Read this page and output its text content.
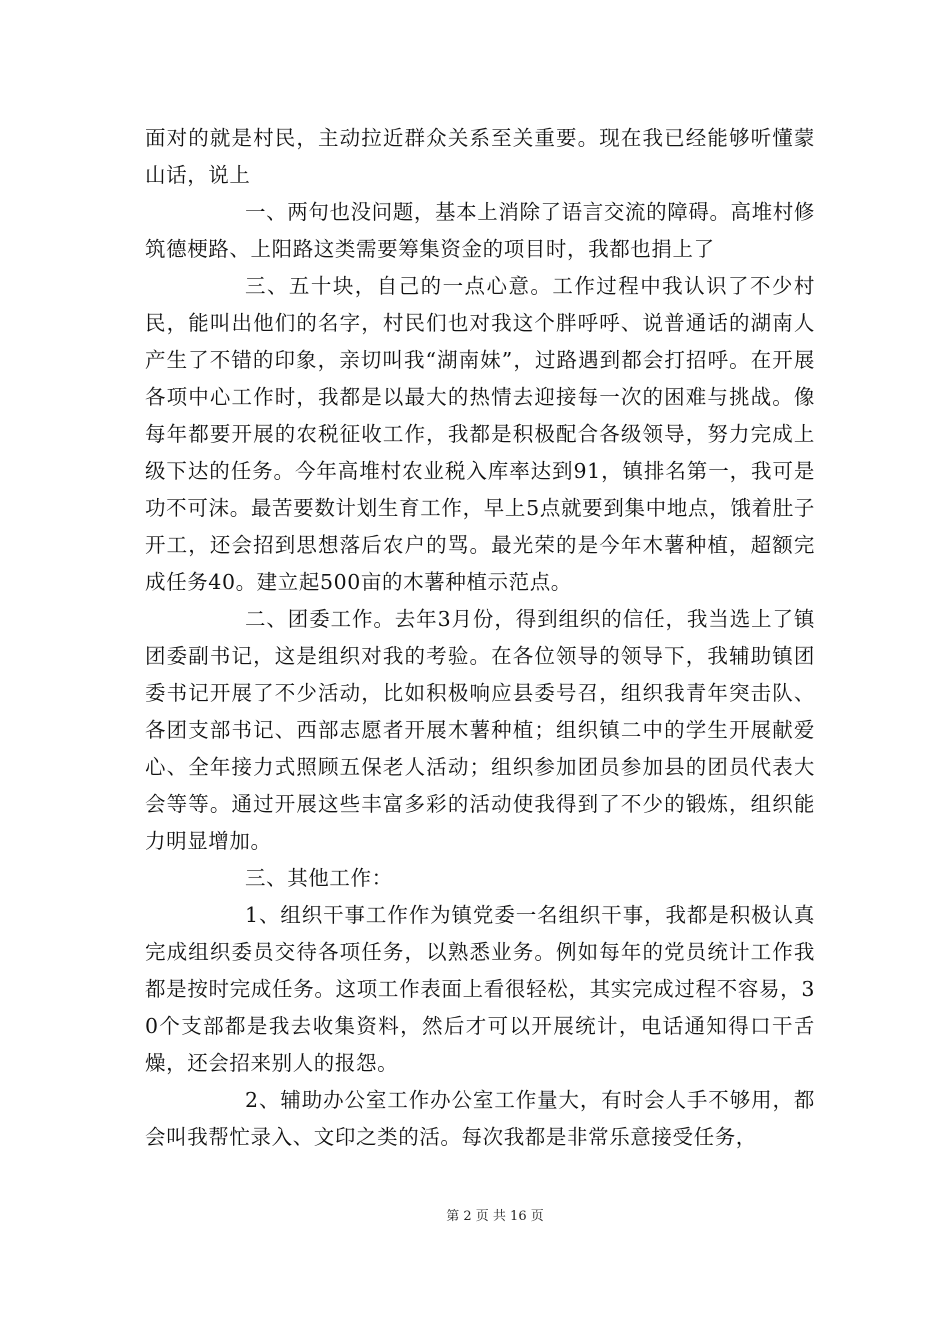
面对的就是村民，主动拉近群众关系至关重要。现在我已经能够听懂蒙山话，说上

一、两句也没问题，基本上消除了语言交流的障碍。高堆村修筑德梗路、上阳路这类需要筹集资金的项目时，我都也捐上了

三、五十块，自己的一点心意。工作过程中我认识了不少村民，能叫出他们的名字，村民们也对我这个胖呼呼、说普通话的湖南人产生了不错的印象，亲切叫我“湖南妹”，过路遇到都会打招呼。在开展各项中心工作时，我都是以最大的热情去迎接每一次的困难与挑战。像每年都要开展的农税征收工作，我都是积极配合各级领导，努力完成上级下达的任务。今年高堆村农业税入库率达到91，镇排名第一，我可是功不可沫。最苦要数计划生育工作，早上5点就要到集中地点，饿着肚子开工，还会招到思想落后农户的骂。最光荣的是今年木薯种植，超额完成任务40。建立起500亩的木薯种植示范点。

二、团委工作。去年3月份，得到组织的信任，我当选上了镇团委副书记，这是组织对我的考验。在各位领导的领导下，我辅助镇团委书记开展了不少活动，比如积极响应县委号召，组织我青年突击队、各团支部书记、西部志愿者开展木薯种植；组织镇二中的学生开展献爱心、全年接力式照顾五保老人活动；组织参加团员参加县的团员代表大会等等。通过开展这些丰富多彩的活动使我得到了不少的锻炼，组织能力明显增加。

三、其他工作：

1、组织干事工作作为镇党委一名组织干事，我都是积极认真完成组织委员交待各项任务，以熟悉业务。例如每年的党员统计工作我都是按时完成任务。这项工作表面上看很轻松，其实完成过程不容易，30个支部都是我去收集资料，然后才可以开展统计，电话通知得口干舌燥，还会招来别人的报怨。

2、辅助办公室工作办公室工作量大，有时会人手不够用，都会叫我帮忙录入、文印之类的活。每次我都是非常乐意接受任务，

第 2 页 共 16 页
